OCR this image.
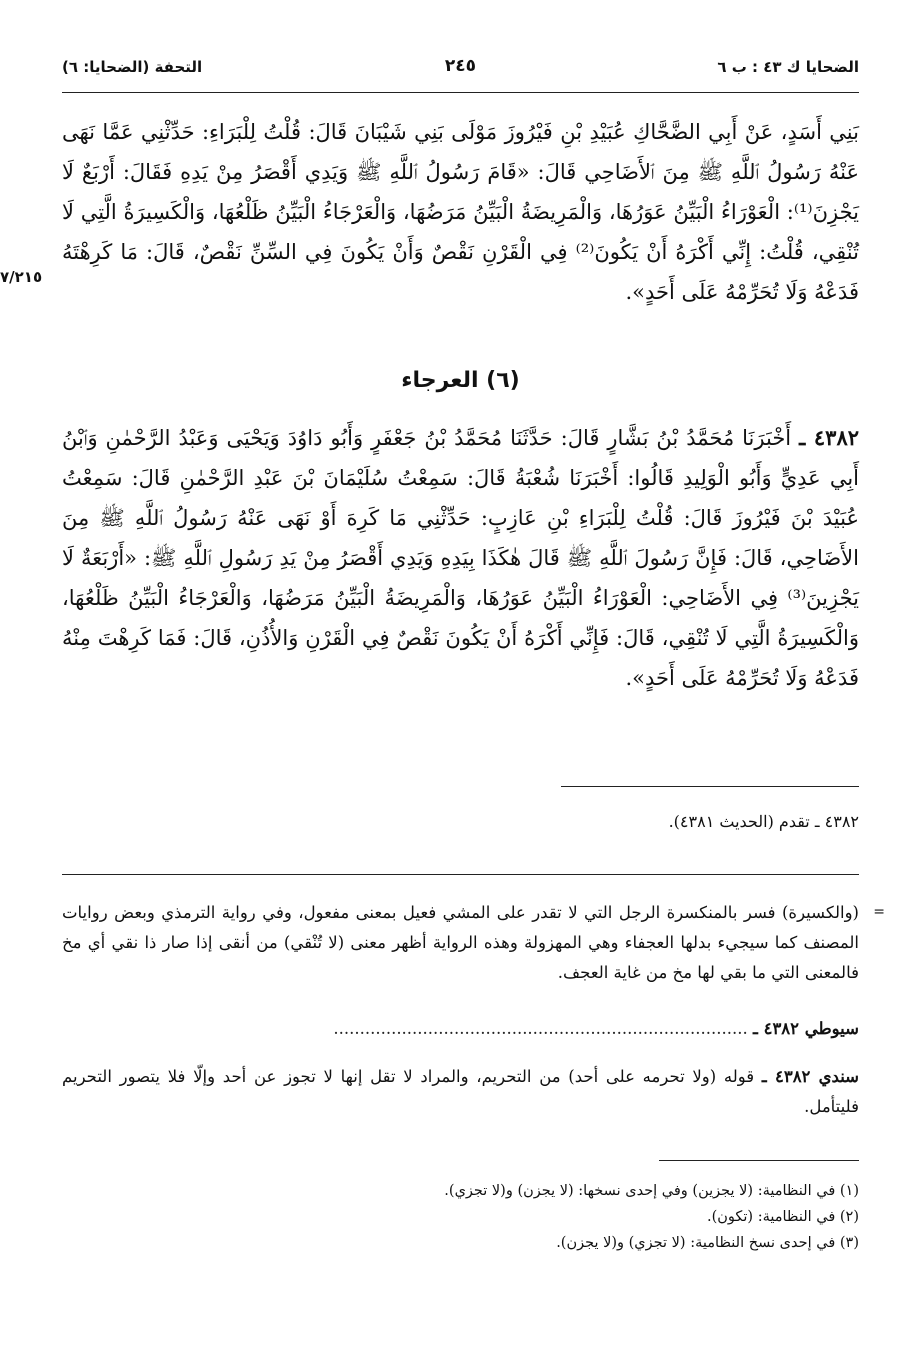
الضحايا ك ٤٣ : ب ٦
٢٤٥
التحفة (الضحايا: ٦)
٧/٢١٥
بَنِي أَسَدٍ، عَنْ أَبِي الضَّحَّاكِ عُبَيْدِ بْنِ فَيْرُوزَ مَوْلَى بَنِي شَيْبَانَ قَالَ: قُلْتُ لِلْبَرَاءِ: حَدِّثْنِي عَمَّا نَهَى عَنْهُ رَسُولُ ٱللَّهِ ﷺ مِنَ ٱلأَضَاحِي قَالَ: «قَامَ رَسُولُ ٱللَّهِ ﷺ وَيَدِي أَقْصَرُ مِنْ يَدِهِ فَقَالَ: أَرْبَعٌ لَا يَجْزِنَ⁽¹⁾: الْعَوْرَاءُ الْبَيِّنُ عَوَرُهَا، وَالْمَرِيضَةُ الْبَيِّنُ مَرَضُهَا، وَالْعَرْجَاءُ الْبَيِّنُ ظَلْعُهَا، وَالْكَسِيرَةُ الَّتِي لَا تُنْقِي، قُلْتُ: إِنِّي أَكْرَهُ أَنْ يَكُونَ⁽²⁾ فِي الْقَرْنِ نَقْصٌ وَأَنْ يَكُونَ فِي السِّنِّ نَقْصٌ، قَالَ: مَا كَرِهْتَهُ فَدَعْهُ وَلَا تُحَرِّمْهُ عَلَى أَحَدٍ».
(٦) العرجاء
٤٣٨٢ ـ أَخْبَرَنَا مُحَمَّدُ بْنُ بَشَّارٍ قَالَ: حَدَّثَنَا مُحَمَّدُ بْنُ جَعْفَرٍ وَأَبُو دَاوُدَ وَيَحْيَى وَعَبْدُ الرَّحْمٰنِ وَٱبْنُ أَبِي عَدِيٍّ وَأَبُو الْوَلِيدِ قَالُوا: أَخْبَرَنَا شُعْبَةُ قَالَ: سَمِعْتُ سُلَيْمَانَ بْنَ عَبْدِ الرَّحْمٰنِ قَالَ: سَمِعْتُ عُبَيْدَ بْنَ فَيْرُوزَ قَالَ: قُلْتُ لِلْبَرَاءِ بْنِ عَازِبٍ: حَدِّثْنِي مَا كَرِهَ أَوْ نَهَى عَنْهُ رَسُولُ ٱللَّهِ ﷺ مِنَ الأَضَاحِي، قَالَ: فَإِنَّ رَسُولَ ٱللَّهِ ﷺ قَالَ هٰكَذَا بِيَدِهِ وَيَدِي أَقْصَرُ مِنْ يَدِ رَسُولِ ٱللَّهِ ﷺ: «أَرْبَعَةٌ لَا يَجْزِينَ⁽³⁾ فِي الأَضَاحِي: الْعَوْرَاءُ الْبَيِّنُ عَوَرُهَا، وَالْمَرِيضَةُ الْبَيِّنُ مَرَضُهَا، وَالْعَرْجَاءُ الْبَيِّنُ ظَلْعُهَا، وَالْكَسِيرَةُ الَّتِي لَا تُنْقِي، قَالَ: فَإِنِّي أَكْرَهُ أَنْ يَكُونَ نَقْصٌ فِي الْقَرْنِ وَالأُذُنِ، قَالَ: فَمَا كَرِهْتَ مِنْهُ فَدَعْهُ وَلَا تُحَرِّمْهُ عَلَى أَحَدٍ».
٤٣٨٢ ـ تقدم (الحديث ٤٣٨١).
=
(والكسيرة) فسر بالمنكسرة الرجل التي لا تقدر على المشي فعيل بمعنى مفعول، وفي رواية الترمذي وبعض روايات المصنف كما سيجيء بدلها العجفاء وهي المهزولة وهذه الرواية أظهر معنى (لا تُنْقي) من أنقى إذا صار ذا نقي أي مخ فالمعنى التي ما بقي لها مخ من غاية العجف.
سيوطي ٤٣٨٢ ـ ...............................................................................
سندي ٤٣٨٢ ـ قوله (ولا تحرمه على أحد) من التحريم، والمراد لا تقل إنها لا تجوز عن أحد وإلّا فلا يتصور التحريم فليتأمل.
(١) في النظامية: (لا يجزين) وفي إحدى نسخها: (لا يجزن) و(لا تجزي).
(٢) في النظامية: (تكون).
(٣) في إحدى نسخ النظامية: (لا تجزي) و(لا يجزن).
